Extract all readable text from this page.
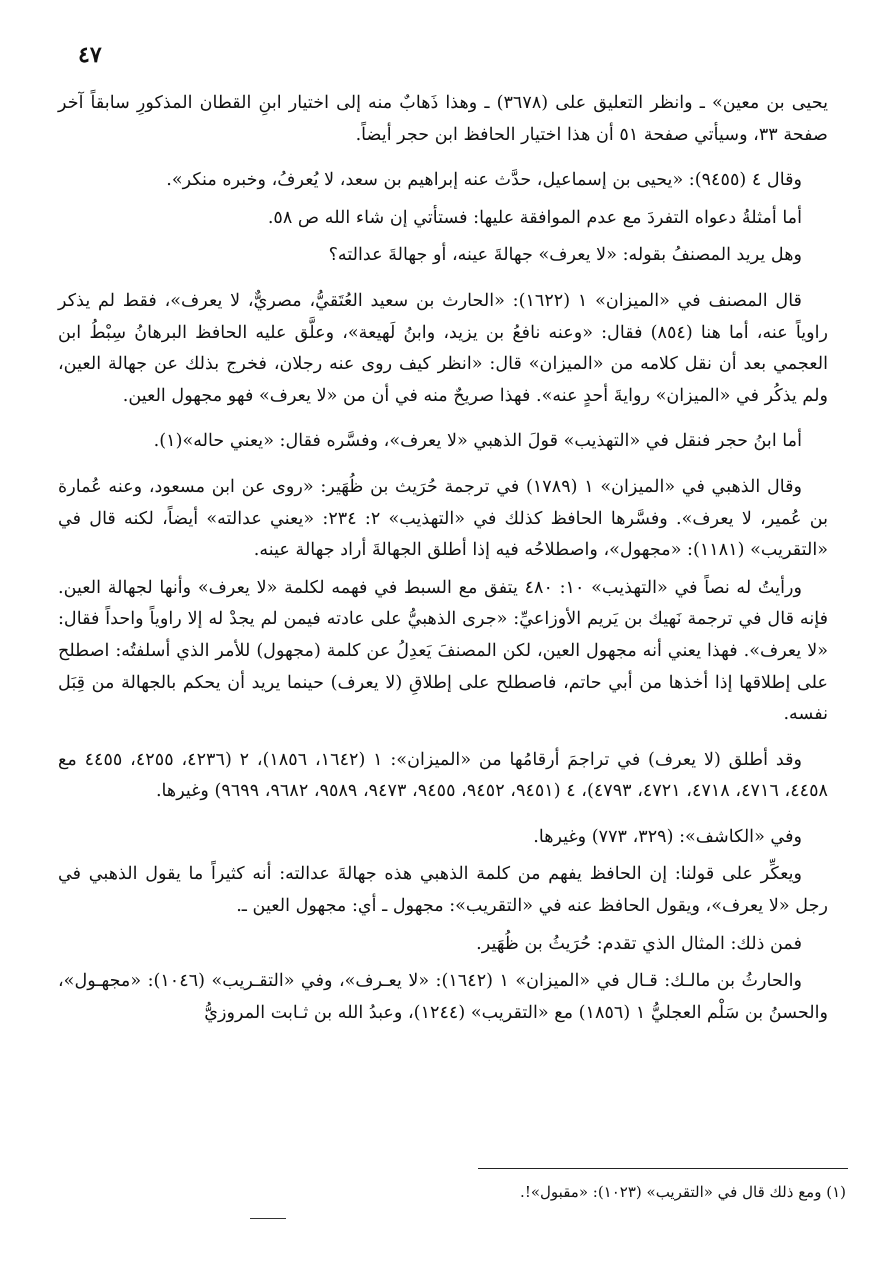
٤٧

يحيى بن معين» ـ وانظر التعليق على (٣٦٧٨) ـ وهذا ذَهابٌ منه إلى اختيار ابنِ القطان المذكورِ سابقاً آخر صفحة ٣٣، وسيأتي صفحة ٥١ أن هذا اختيار الحافظ ابن حجر أيضاً.

وقال ٤ (٩٤٥٥): «يحيى بن إسماعيل، حدَّث عنه إبراهيم بن سعد، لا يُعرفُ، وخبره منكر».

أما أمثلةُ دعواه التفردَ مع عدم الموافقة عليها: فستأتي إن شاء الله ص ٥٨.

وهل يريد المصنفُ بقوله: «لا يعرف» جهالةَ عينه، أو جهالةَ عدالته؟

قال المصنف في «الميزان» ١ (١٦٢٢): «الحارث بن سعيد العُتَقيُّ، مصريٌّ، لا يعرف»، فقط لم يذكر راوياً عنه، أما هنا (٨٥٤) فقال: «وعنه نافعُ بن يزيد، وابنُ لَهيعة»، وعلَّق عليه الحافظ البرهانُ سِبْطُ ابن العجمي بعد أن نقل كلامه من «الميزان» قال: «انظر كيف روى عنه رجلان، فخرج بذلك عن جهالة العين، ولم يذكُر في «الميزان» روايةَ أحدٍ عنه». فهذا صريحٌ منه في أن من «لا يعرف» فهو مجهول العين.

أما ابنُ حجر فنقل في «التهذيب» قولَ الذهبي «لا يعرف»، وفسَّره فقال: «يعني حاله»(١).

وقال الذهبي في «الميزان» ١ (١٧٨٩) في ترجمة حُرَيث بن ظُهَير: «روى عن ابن مسعود، وعنه عُمارة بن عُمير، لا يعرف». وفسَّرها الحافظ كذلك في «التهذيب» ٢: ٢٣٤: «يعني عدالته» أيضاً، لكنه قال في «التقريب» (١١٨١): «مجهول»، واصطلاحُه فيه إذا أطلق الجهالةَ أراد جهالة عينه.

ورأيتُ له نصاً في «التهذيب» ١٠: ٤٨٠ يتفق مع السبط في فهمه لكلمة «لا يعرف» وأنها لجهالة العين. فإنه قال في ترجمة نَهيك بن يَريم الأوزاعيِّ: «جرى الذهبيُّ على عادته فيمن لم يجدْ له إلا راوياً واحداً فقال: «لا يعرف». فهذا يعني أنه مجهول العين، لكن المصنفَ يَعدِلُ عن كلمة (مجهول) للأمر الذي أسلفتُه: اصطلح على إطلاقها إذا أخذها من أبي حاتم، فاصطلح على إطلاقِ (لا يعرف) حينما يريد أن يحكم بالجهالة من قِبَل نفسه.

وقد أطلق (لا يعرف) في تراجمَ أرقامُها من «الميزان»: ١ (١٦٤٢، ١٨٥٦)، ٢ (٤٢٣٦، ٤٢٥٥، ٤٤٥٥ مع ٤٤٥٨، ٤٧١٦، ٤٧١٨، ٤٧٢١، ٤٧٩٣)، ٤ (٩٤٥١، ٩٤٥٢، ٩٤٥٥، ٩٤٧٣، ٩٥٨٩، ٩٦٨٢، ٩٦٩٩) وغيرها.

وفي «الكاشف»: (٣٢٩، ٧٧٣) وغيرها.

ويعكِّر على قولنا: إن الحافظ يفهم من كلمة الذهبي هذه جهالةَ عدالته: أنه كثيراً ما يقول الذهبي في رجل «لا يعرف»، ويقول الحافظ عنه في «التقريب»: مجهول ـ أي: مجهول العين ـ.

فمن ذلك: المثال الذي تقدم: حُرَيثُ بن ظُهَير.

والحارثُ بن مالـك: قـال في «الميزان» ١ (١٦٤٢): «لا يعـرف»، وفي «التقـريب» (١٠٤٦): «مجهـول»، والحسنُ بن سَلْم العجليُّ ١ (١٨٥٦) مع «التقريب» (١٢٤٤)، وعبدُ الله بن ثـابت المروزيُّ

(١) ومع ذلك قال في «التقريب» (١٠٢٣): «مقبول»!.
